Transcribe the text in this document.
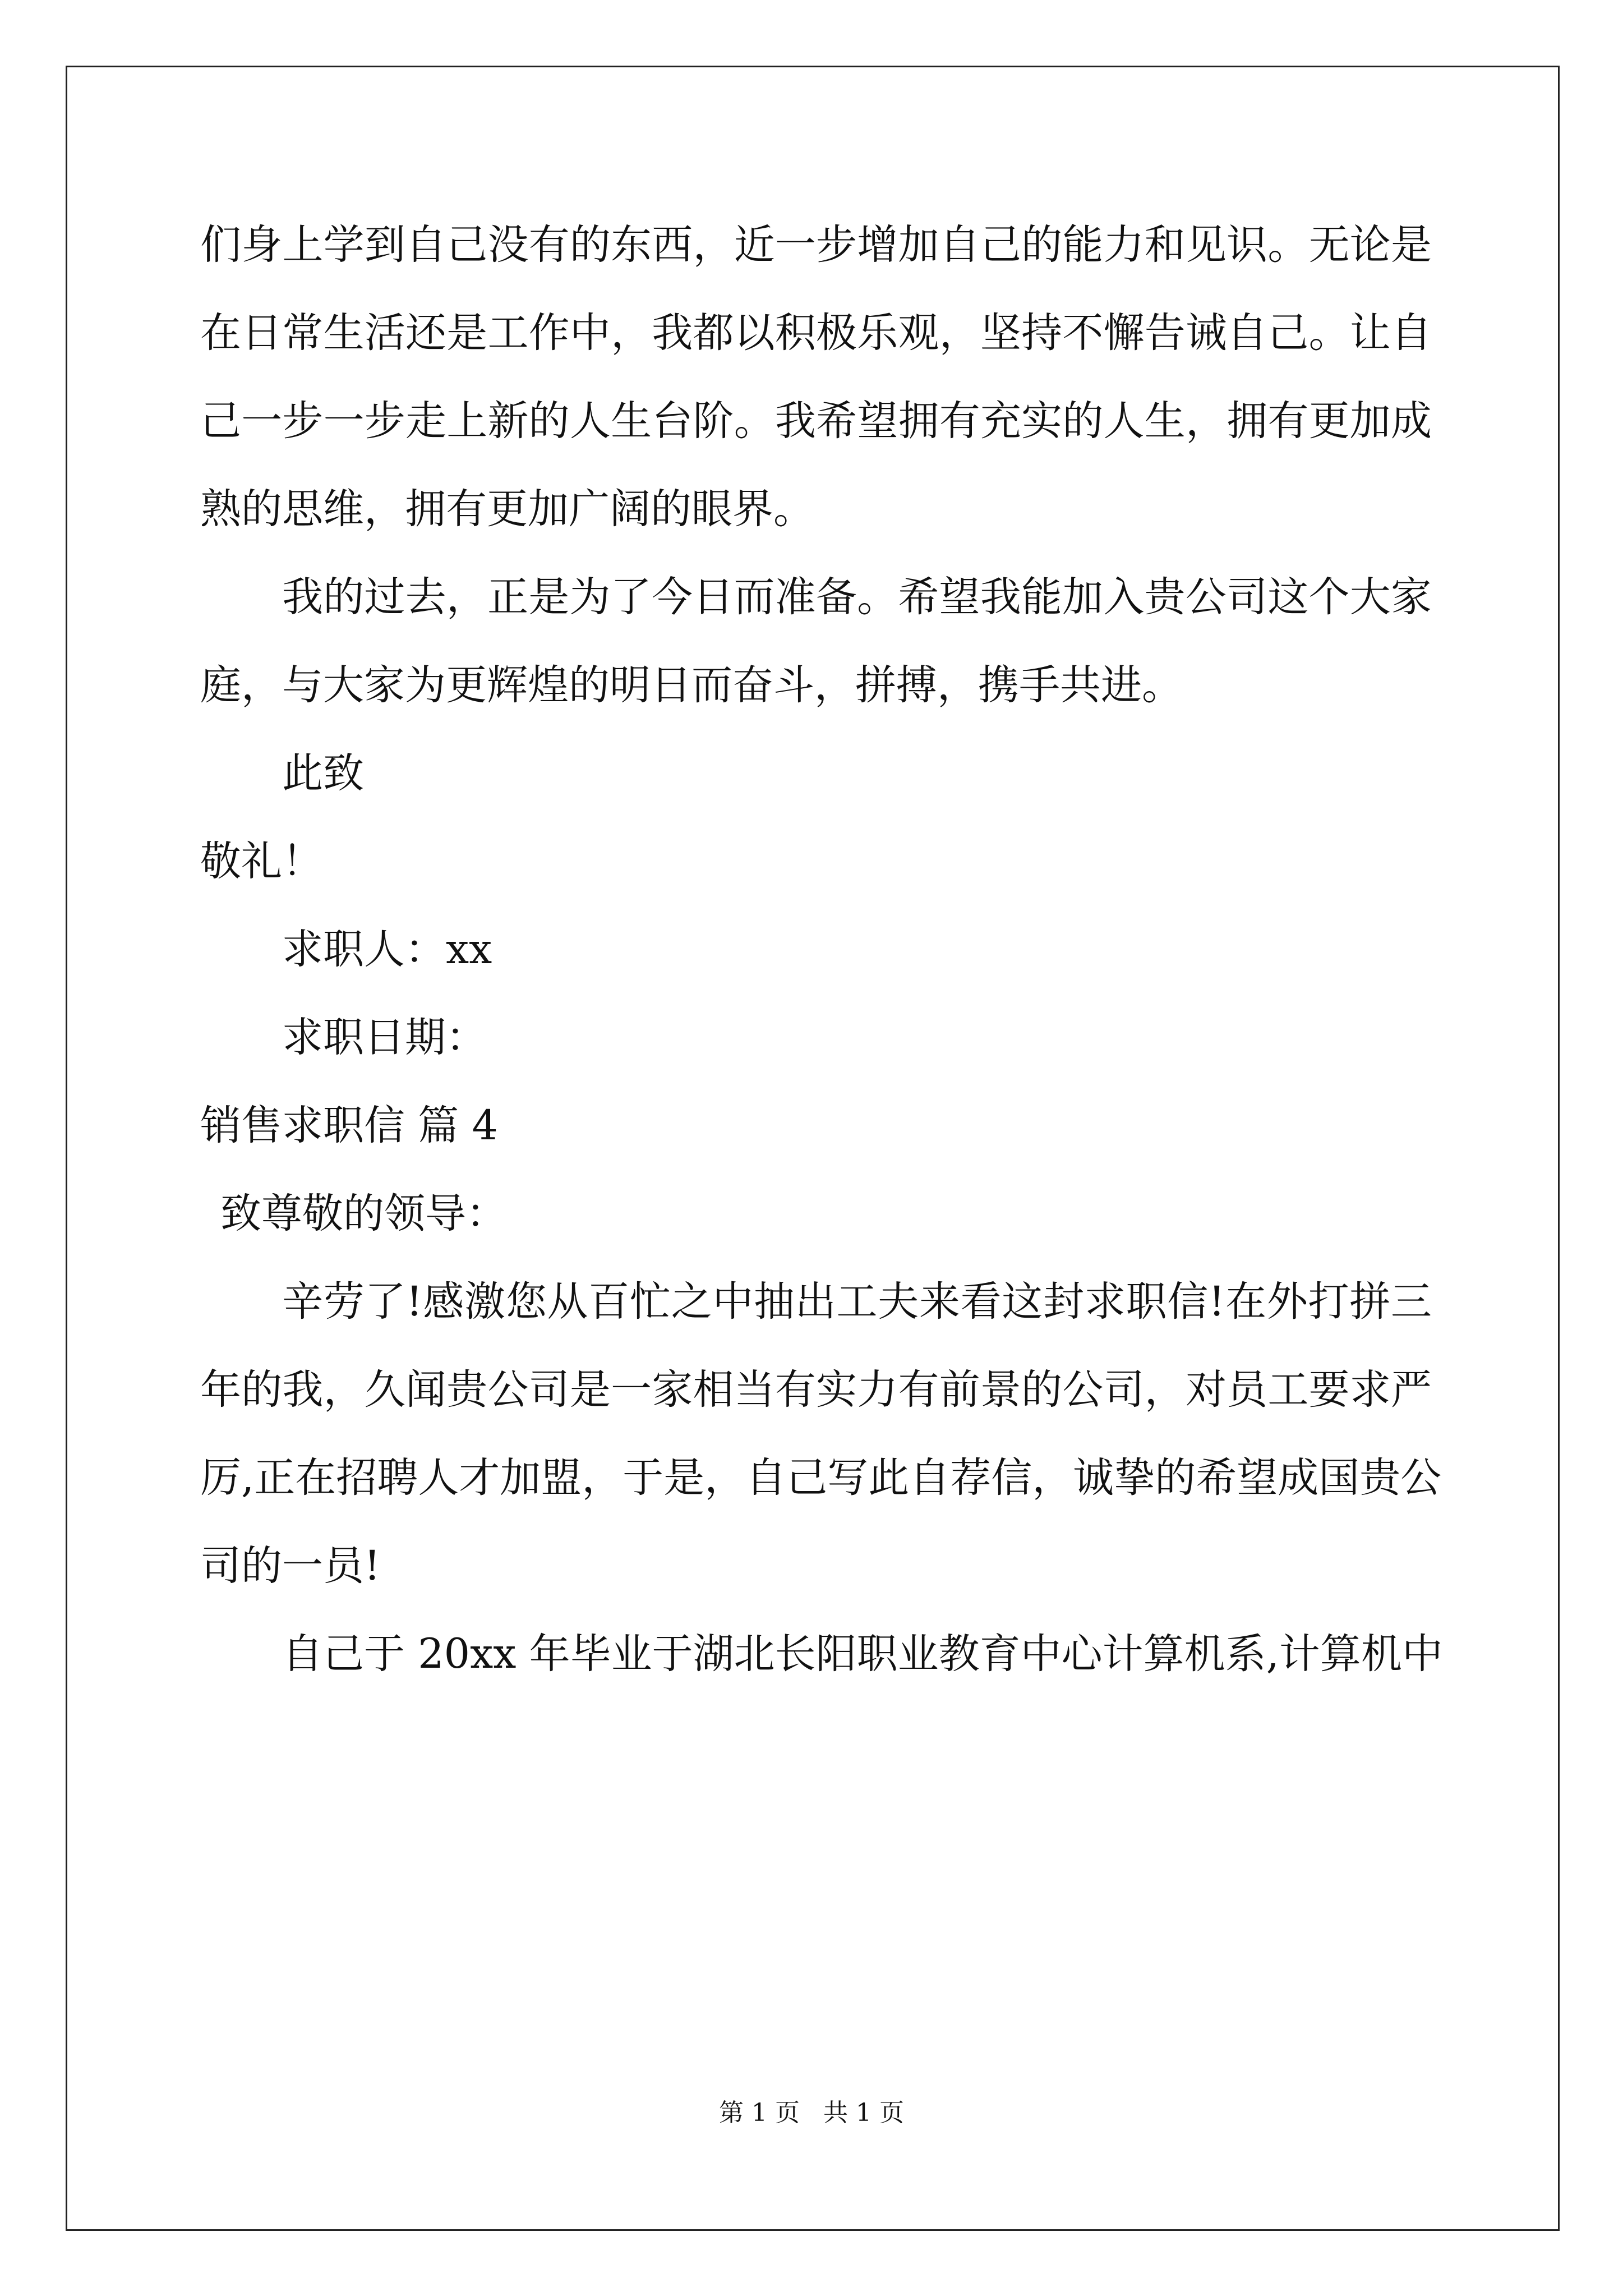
们身上学到自己没有的东西，近一步增加自己的能力和见识。无论是

在日常生活还是工作中，我都以积极乐观，坚持不懈告诫自己。让自

己一步一步走上新的人生台阶。我希望拥有充实的人生，拥有更加成

熟的思维，拥有更加广阔的眼界。

我的过去，正是为了今日而准备。希望我能加入贵公司这个大家

庭，与大家为更辉煌的明日而奋斗，拼搏，携手共进。

此致

敬礼！

求职人：xx

求职日期：

销售求职信 篇 4

致尊敬的领导：

辛劳了!感激您从百忙之中抽出工夫来看这封求职信!在外打拼三

年的我，久闻贵公司是一家相当有实力有前景的公司，对员工要求严

厉,正在招聘人才加盟，于是，自己写此自荐信，诚挚的希望成国贵公

司的一员!

自己于 20xx 年毕业于湖北长阳职业教育中心计算机系,计算机中

第 1 页   共 1 页
